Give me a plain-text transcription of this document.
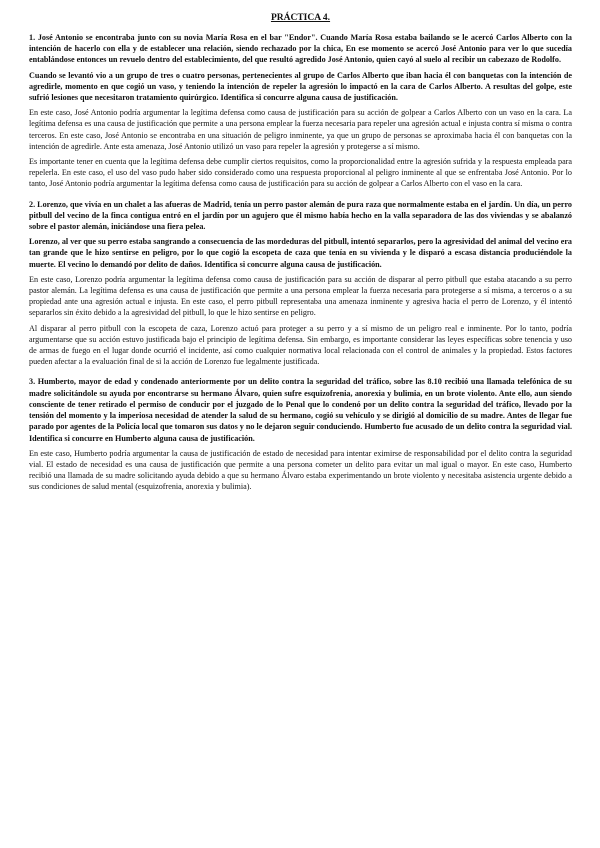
PRÁCTICA 4.

1. José Antonio se encontraba junto con su novia María Rosa en el bar "Endor". Cuando María Rosa estaba bailando se le acercó Carlos Alberto con la intención de hacerlo con ella y de establecer una relación, siendo rechazado por la chica, En ese momento se acercó José Antonio para ver lo que sucedía entablándose entonces un revuelo dentro del establecimiento, del que resultó agredido José Antonio, quien cayó al suelo al recibir un cabezazo de Rodolfo.

Cuando se levantó vio a un grupo de tres o cuatro personas, pertenecientes al grupo de Carlos Alberto que iban hacia él con banquetas con la intención de agredirle, momento en que cogió un vaso, y teniendo la intención de repeler la agresión lo impactó en la cara de Carlos Alberto. A resultas del golpe, este sufrió lesiones que necesitaron tratamiento quirúrgico. Identifica si concurre alguna causa de justificación.

En este caso, José Antonio podría argumentar la legítima defensa como causa de justificación para su acción de golpear a Carlos Alberto con un vaso en la cara. La legítima defensa es una causa de justificación que permite a una persona emplear la fuerza necesaria para repeler una agresión actual e injusta contra sí misma o contra terceros. En este caso, José Antonio se encontraba en una situación de peligro inminente, ya que un grupo de personas se aproximaba hacia él con banquetas con la intención de agredirle. Ante esta amenaza, José Antonio utilizó un vaso para repeler la agresión y protegerse a sí mismo.

Es importante tener en cuenta que la legítima defensa debe cumplir ciertos requisitos, como la proporcionalidad entre la agresión sufrida y la respuesta empleada para repelerla. En este caso, el uso del vaso pudo haber sido considerado como una respuesta proporcional al peligro inminente al que se enfrentaba José Antonio. Por lo tanto, José Antonio podría argumentar la legítima defensa como causa de justificación para su acción de golpear a Carlos Alberto con el vaso en la cara.

2. Lorenzo, que vivía en un chalet a las afueras de Madrid, tenía un perro pastor alemán de pura raza que normalmente estaba en el jardín. Un día, un perro pitbull del vecino de la finca contigua entró en el jardín por un agujero que él mismo había hecho en la valla separadora de las dos viviendas y se abalanzó sobre el pastor alemán, iniciándose una fiera pelea.

Lorenzo, al ver que su perro estaba sangrando a consecuencia de las mordeduras del pitbull, intentó separarlos, pero la agresividad del animal del vecino era tan grande que le hizo sentirse en peligro, por lo que cogió la escopeta de caza que tenía en su vivienda y le disparó a escasa distancia produciéndole la muerte. El vecino lo demandó por delito de daños. Identifica si concurre alguna causa de justificación.

En este caso, Lorenzo podría argumentar la legítima defensa como causa de justificación para su acción de disparar al perro pitbull que estaba atacando a su perro pastor alemán. La legítima defensa es una causa de justificación que permite a una persona emplear la fuerza necesaria para protegerse a sí misma, a terceros o a su propiedad ante una agresión actual e injusta. En este caso, el perro pitbull representaba una amenaza inminente y agresiva hacia el perro de Lorenzo, y él intentó separarlos sin éxito debido a la agresividad del pitbull, lo que le hizo sentirse en peligro.

Al disparar al perro pitbull con la escopeta de caza, Lorenzo actuó para proteger a su perro y a sí mismo de un peligro real e inminente. Por lo tanto, podría argumentarse que su acción estuvo justificada bajo el principio de legítima defensa. Sin embargo, es importante considerar las leyes específicas sobre tenencia y uso de armas de fuego en el lugar donde ocurrió el incidente, así como cualquier normativa local relacionada con el control de animales y la propiedad. Estos factores pueden afectar a la evaluación final de si la acción de Lorenzo fue legalmente justificada.

3. Humberto, mayor de edad y condenado anteriormente por un delito contra la seguridad del tráfico, sobre las 8.10 recibió una llamada telefónica de su madre solicitándole su ayuda por encontrarse su hermano Álvaro, quien sufre esquizofrenia, anorexia y bulimia, en un brote violento. Ante ello, aun siendo consciente de tener retirado el permiso de conducir por el juzgado de lo Penal que lo condenó por un delito contra la seguridad del tráfico, llevado por la tensión del momento y la imperiosa necesidad de atender la salud de su hermano, cogió su vehículo y se dirigió al domicilio de su madre. Antes de llegar fue parado por agentes de la Policía local que tomaron sus datos y no le dejaron seguir conduciendo. Humberto fue acusado de un delito contra la seguridad vial. Identifica si concurre en Humberto alguna causa de justificación.

En este caso, Humberto podría argumentar la causa de justificación de estado de necesidad para intentar eximirse de responsabilidad por el delito contra la seguridad vial. El estado de necesidad es una causa de justificación que permite a una persona cometer un delito para evitar un mal igual o mayor. En este caso, Humberto recibió una llamada de su madre solicitando ayuda debido a que su hermano Álvaro estaba experimentando un brote violento y necesitaba asistencia urgente debido a sus condiciones de salud mental (esquizofrenia, anorexia y bulimia).
